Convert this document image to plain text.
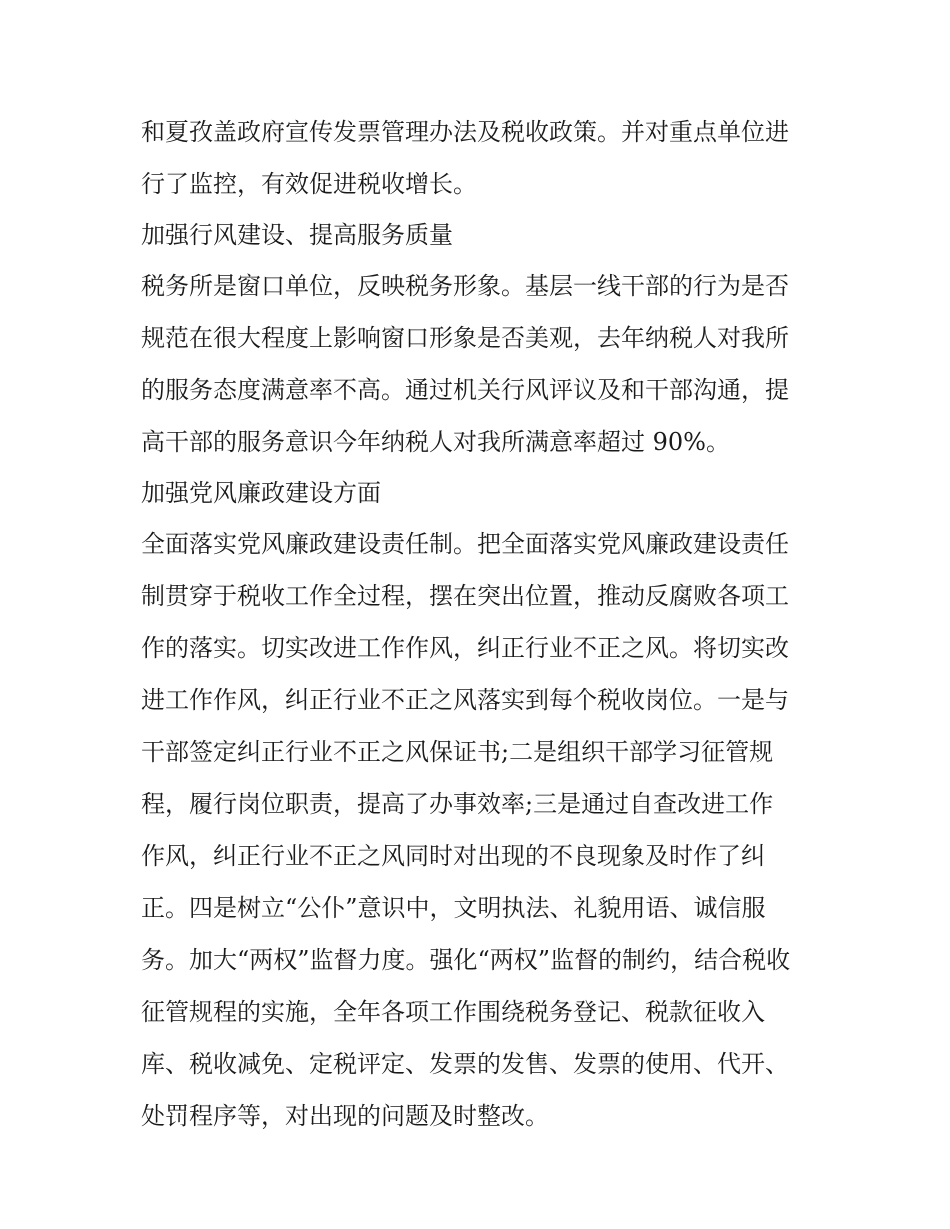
和夏孜盖政府宣传发票管理办法及税收政策。并对重点单位进
行了监控，有效促进税收增长。
加强行风建设、提高服务质量
税务所是窗口单位，反映税务形象。基层一线干部的行为是否
规范在很大程度上影响窗口形象是否美观，去年纳税人对我所
的服务态度满意率不高。通过机关行风评议及和干部沟通，提
高干部的服务意识今年纳税人对我所满意率超过 90%。
加强党风廉政建设方面
全面落实党风廉政建设责任制。把全面落实党风廉政建设责任
制贯穿于税收工作全过程，摆在突出位置，推动反腐败各项工
作的落实。切实改进工作作风，纠正行业不正之风。将切实改
进工作作风，纠正行业不正之风落实到每个税收岗位。一是与
干部签定纠正行业不正之风保证书;二是组织干部学习征管规
程，履行岗位职责，提高了办事效率;三是通过自查改进工作
作风，纠正行业不正之风同时对出现的不良现象及时作了纠
正。四是树立“公仆”意识中，文明执法、礼貌用语、诚信服
务。加大“两权”监督力度。强化“两权”监督的制约，结合税收
征管规程的实施，全年各项工作围绕税务登记、税款征收入
库、税收减免、定税评定、发票的发售、发票的使用、代开、
处罚程序等，对出现的问题及时整改。
